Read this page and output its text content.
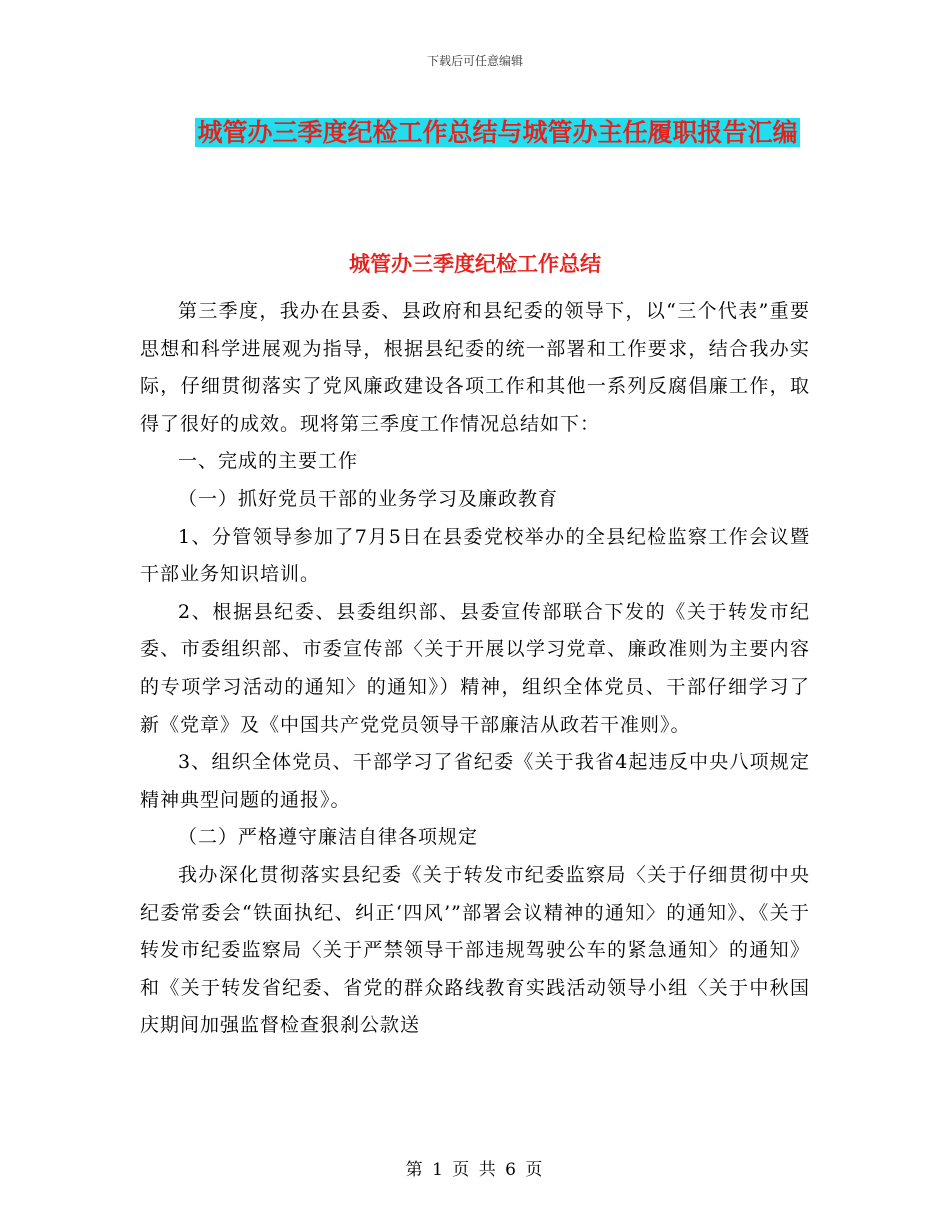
下载后可任意编辑
城管办三季度纪检工作总结与城管办主任履职报告汇编
城管办三季度纪检工作总结

第三季度，我办在县委、县政府和县纪委的领导下，以“三个代表”重要思想和科学进展观为指导，根据县纪委的统一部署和工作要求，结合我办实际，仔细贯彻落实了党风廉政建设各项工作和其他一系列反腐倡廉工作，取得了很好的成效。现将第三季度工作情况总结如下：

一、完成的主要工作

（一）抓好党员干部的业务学习及廉政教育

1、分管领导参加了7月5日在县委党校举办的全县纪检监察工作会议暨干部业务知识培训。

2、根据县纪委、县委组织部、县委宣传部联合下发的《关于转发市纪委、市委组织部、市委宣传部〈关于开展以学习党章、廉政准则为主要内容的专项学习活动的通知〉的通知》）精神，组织全体党员、干部仔细学习了新《党章》及《中国共产党党员领导干部廉洁从政若干准则》。

3、组织全体党员、干部学习了省纪委《关于我省4起违反中央八项规定精神典型问题的通报》。

（二）严格遵守廉洁自律各项规定

我办深化贯彻落实县纪委《关于转发市纪委监察局〈关于仔细贯彻中央纪委常委会“铁面执纪、纠正‘四风’”部署会议精神的通知〉的通知》、《关于转发市纪委监察局〈关于严禁领导干部违规驾驶公车的紧急通知〉的通知》和《关于转发省纪委、省党的群众路线教育实践活动领导小组〈关于中秋国庆期间加强监督检查狠刹公款送

第 1 页 共 6 页
